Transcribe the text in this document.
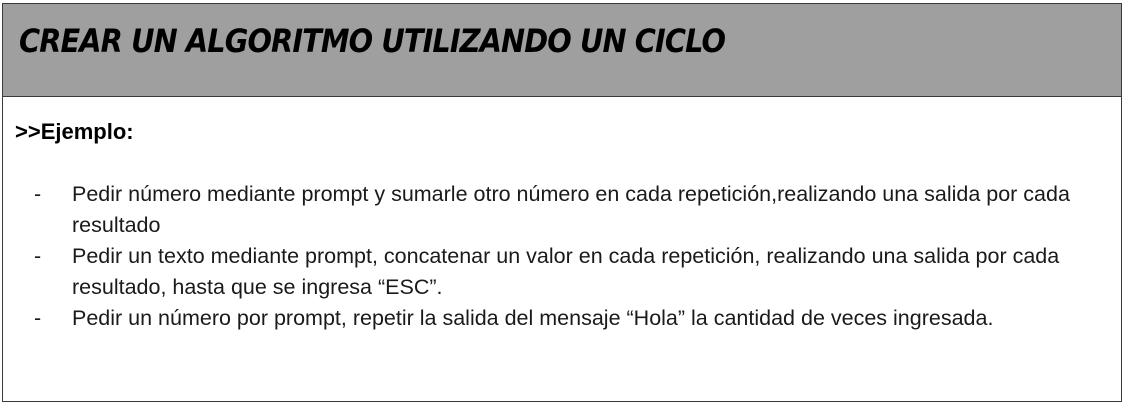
CREAR UN ALGORITMO UTILIZANDO UN CICLO

>>Ejemplo:

- Pedir número mediante prompt y sumarle otro número en cada repetición,realizando una salida por cada resultado
- Pedir un texto mediante prompt, concatenar un valor en cada repetición, realizando una salida por cada resultado, hasta que se ingresa “ESC”.
- Pedir un número por prompt, repetir la salida del mensaje “Hola” la cantidad de veces ingresada.
